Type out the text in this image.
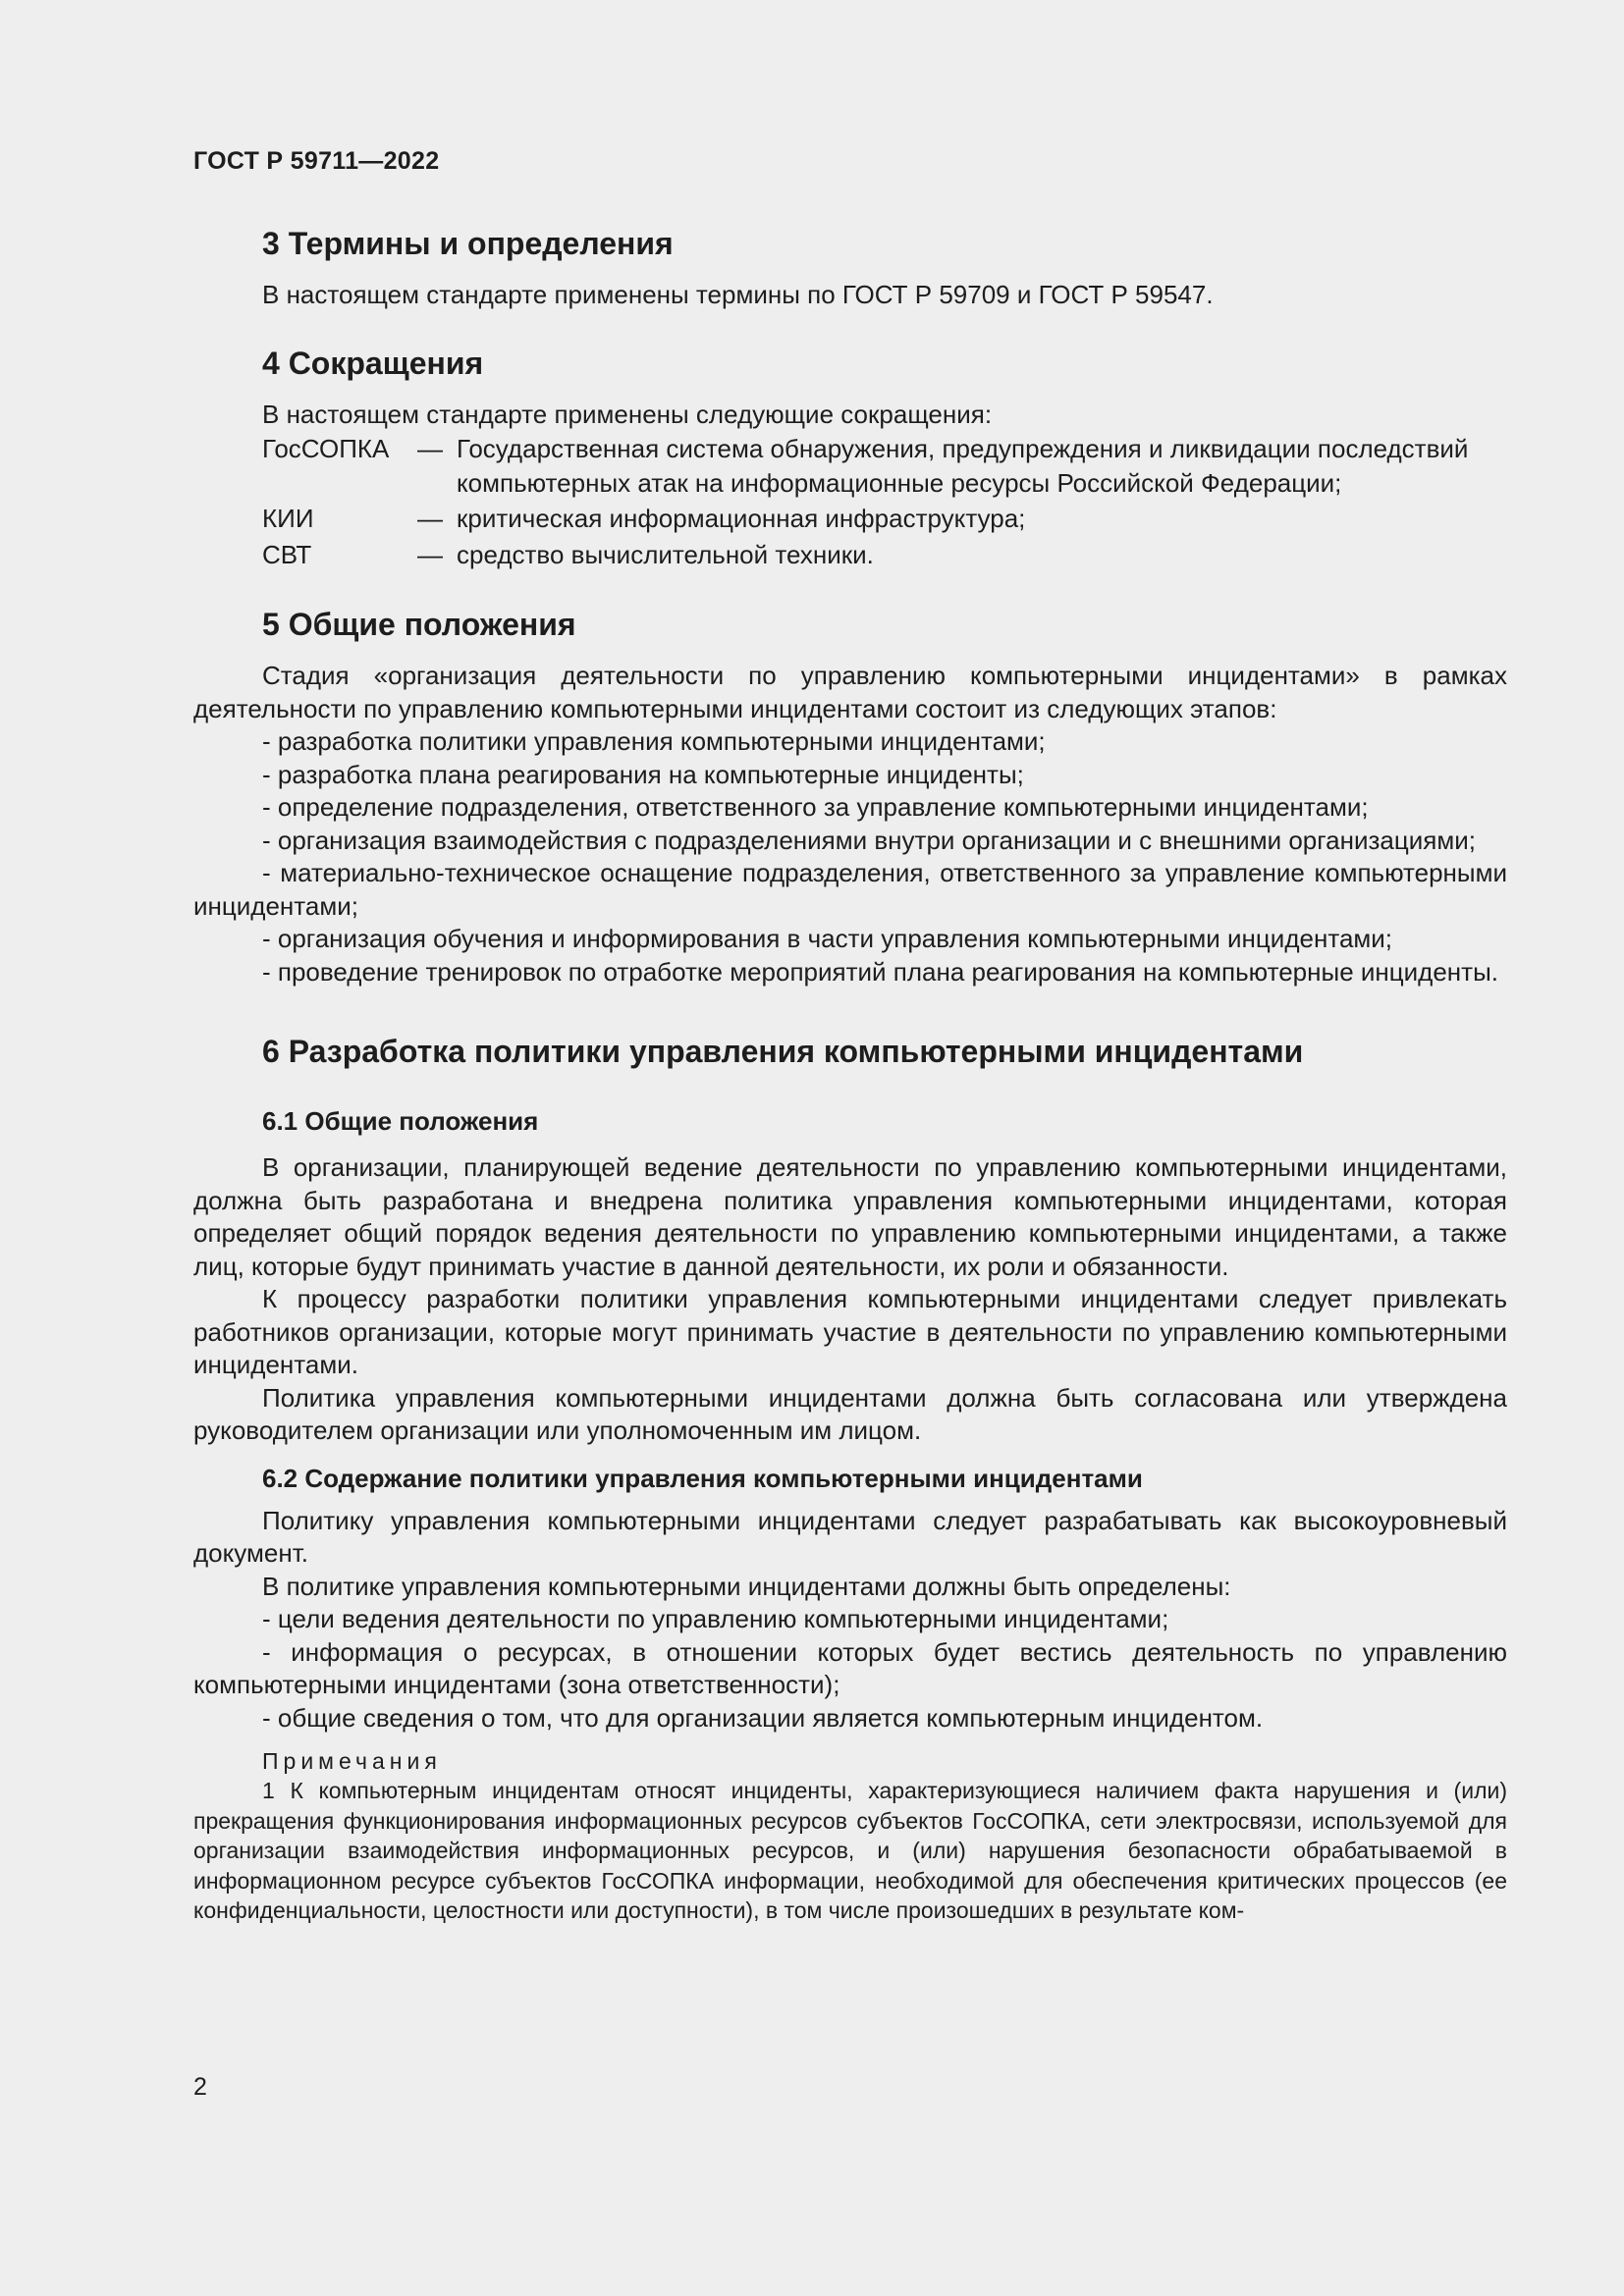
ГОСТ Р 59711—2022
3 Термины и определения

В настоящем стандарте применены термины по ГОСТ Р 59709 и ГОСТ Р 59547.

4 Сокращения

В настоящем стандарте применены следующие сокращения:

ГосСОПКА	— Государственная система обнаружения, предупреждения и ликвидации последствий компьютерных атак на информационные ресурсы Российской Федерации;
КИИ	— критическая информационная инфраструктура;
СВТ	— средство вычислительной техники.
5 Общие положения

Стадия «организация деятельности по управлению компьютерными инцидентами» в рамках деятельности по управлению компьютерными инцидентами состоит из следующих этапов:

- разработка политики управления компьютерными инцидентами;

- разработка плана реагирования на компьютерные инциденты;

- определение подразделения, ответственного за управление компьютерными инцидентами;

- организация взаимодействия с подразделениями внутри организации и с внешними организациями;

- материально-техническое оснащение подразделения, ответственного за управление компьютерными инцидентами;

- организация обучения и информирования в части управления компьютерными инцидентами;

- проведение тренировок по отработке мероприятий плана реагирования на компьютерные инциденты.

6 Разработка политики управления компьютерными инцидентами
6.1 Общие положения

В организации, планирующей ведение деятельности по управлению компьютерными инцидентами, должна быть разработана и внедрена политика управления компьютерными инцидентами, которая определяет общий порядок ведения деятельности по управлению компьютерными инцидентами, а также лиц, которые будут принимать участие в данной деятельности, их роли и обязанности.

К процессу разработки политики управления компьютерными инцидентами следует привлекать работников организации, которые могут принимать участие в деятельности по управлению компьютерными инцидентами.

Политика управления компьютерными инцидентами должна быть согласована или утверждена руководителем организации или уполномоченным им лицом.

6.2 Содержание политики управления компьютерными инцидентами

Политику управления компьютерными инцидентами следует разрабатывать как высокоуровневый документ.

В политике управления компьютерными инцидентами должны быть определены:

- цели ведения деятельности по управлению компьютерными инцидентами;

- информация о ресурсах, в отношении которых будет вестись деятельность по управлению компьютерными инцидентами (зона ответственности);

- общие сведения о том, что для организации является компьютерным инцидентом.

Примечания

1 К компьютерным инцидентам относят инциденты, характеризующиеся наличием факта нарушения и (или) прекращения функционирования информационных ресурсов субъектов ГосСОПКА, сети электросвязи, используемой для организации взаимодействия информационных ресурсов, и (или) нарушения безопасности обрабатываемой в информационном ресурсе субъектов ГосСОПКА информации, необходимой для обеспечения критических процессов (ее конфиденциальности, целостности или доступности), в том числе произошедших в результате ком-

2
